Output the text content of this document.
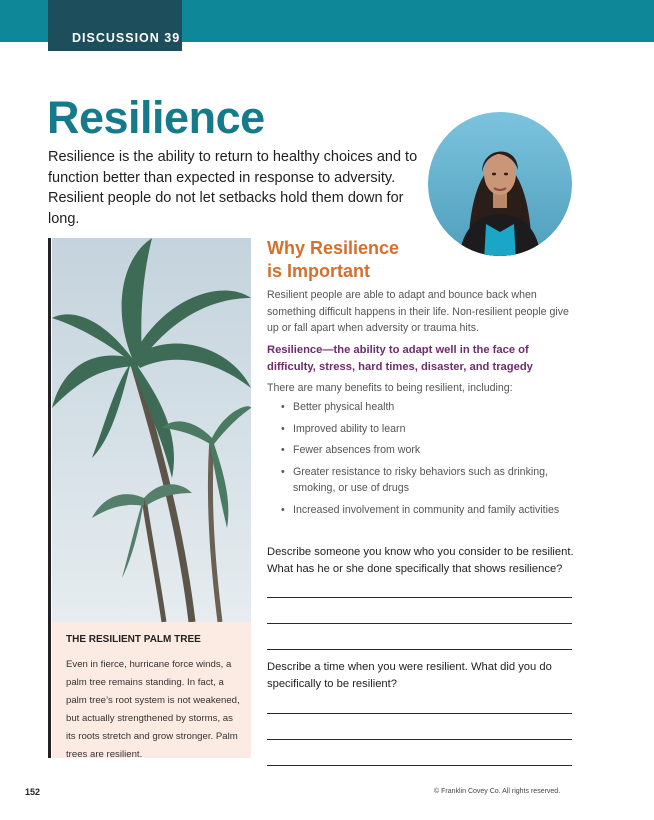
DISCUSSION 39
Resilience
Resilience is the ability to return to healthy choices and to function better than expected in response to adversity. Resilient people do not let setbacks hold them down for long.
THE RESILIENT PALM TREE

Even in fierce, hurricane force winds, a palm tree remains standing. In fact, a palm tree’s root system is not weakened, but actually strengthened by storms, as its roots stretch and grow stronger. Palm trees are resilient.

Why Resilience
is Important

Resilient people are able to adapt and bounce back when something difficult happens in their life. Non-resilient people give up or fall apart when adversity or trauma hits.

Resilience—the ability to adapt well in the face of difficulty, stress, hard times, disaster, and tragedy

There are many benefits to being resilient, including:

• Better physical health
• Improved ability to learn
• Fewer absences from work
• Greater resistance to risky behaviors such as drinking, smoking, or use of drugs
• Increased involvement in community and family activities

Describe someone you know who you consider to be resilient. What has he or she done specifically that shows resilience?

Describe a time when you were resilient. What did you do specifically to be resilient?

152	© Franklin Covey Co. All rights reserved.
